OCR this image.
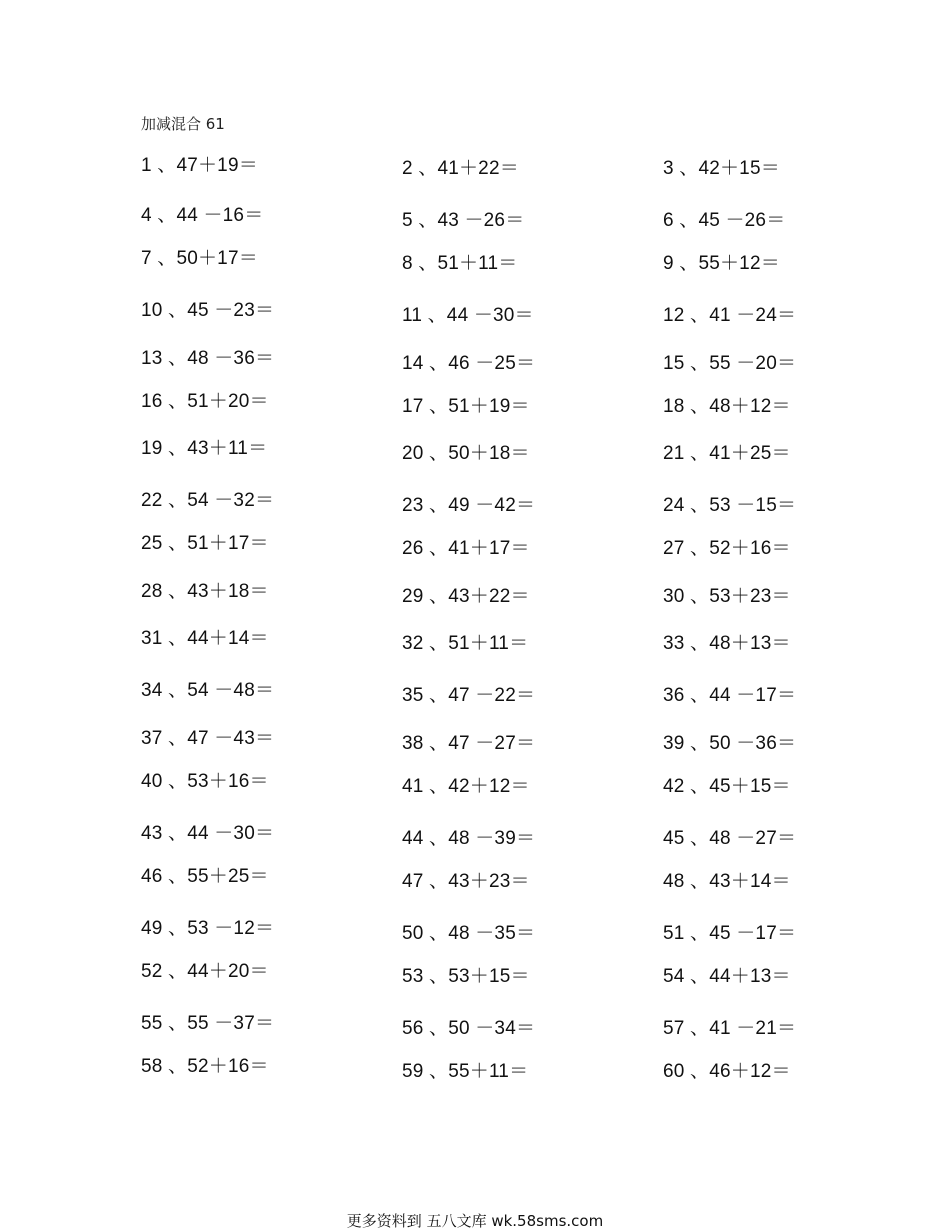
加减混合 61
1 、47＋19＝	2 、41＋22＝	3 、42＋15＝
4 、44 －16＝	5 、43 －26＝	6 、45 －26＝
7 、50＋17＝	8 、51＋11＝	9 、55＋12＝
10 、45 －23＝	11 、44 －30＝	12 、41 －24＝
13 、48 －36＝	14 、46 －25＝	15 、55 －20＝
16 、51＋20＝	17 、51＋19＝	18 、48＋12＝
19 、43＋11＝	20 、50＋18＝	21 、41＋25＝
22 、54 －32＝	23 、49 －42＝	24 、53 －15＝
25 、51＋17＝	26 、41＋17＝	27 、52＋16＝
28 、43＋18＝	29 、43＋22＝	30 、53＋23＝
31 、44＋14＝	32 、51＋11＝	33 、48＋13＝
34 、54 －48＝	35 、47 －22＝	36 、44 －17＝
37 、47 －43＝	38 、47 －27＝	39 、50 －36＝
40 、53＋16＝	41 、42＋12＝	42 、45＋15＝
43 、44 －30＝	44 、48 －39＝	45 、48 －27＝
46 、55＋25＝	47 、43＋23＝	48 、43＋14＝
49 、53 －12＝	50 、48 －35＝	51 、45 －17＝
52 、44＋20＝	53 、53＋15＝	54 、44＋13＝
55 、55 －37＝	56 、50 －34＝	57 、41 －21＝
58 、52＋16＝	59 、55＋11＝	60 、46＋12＝
更多资料到 五八文库 wk.58sms.com
